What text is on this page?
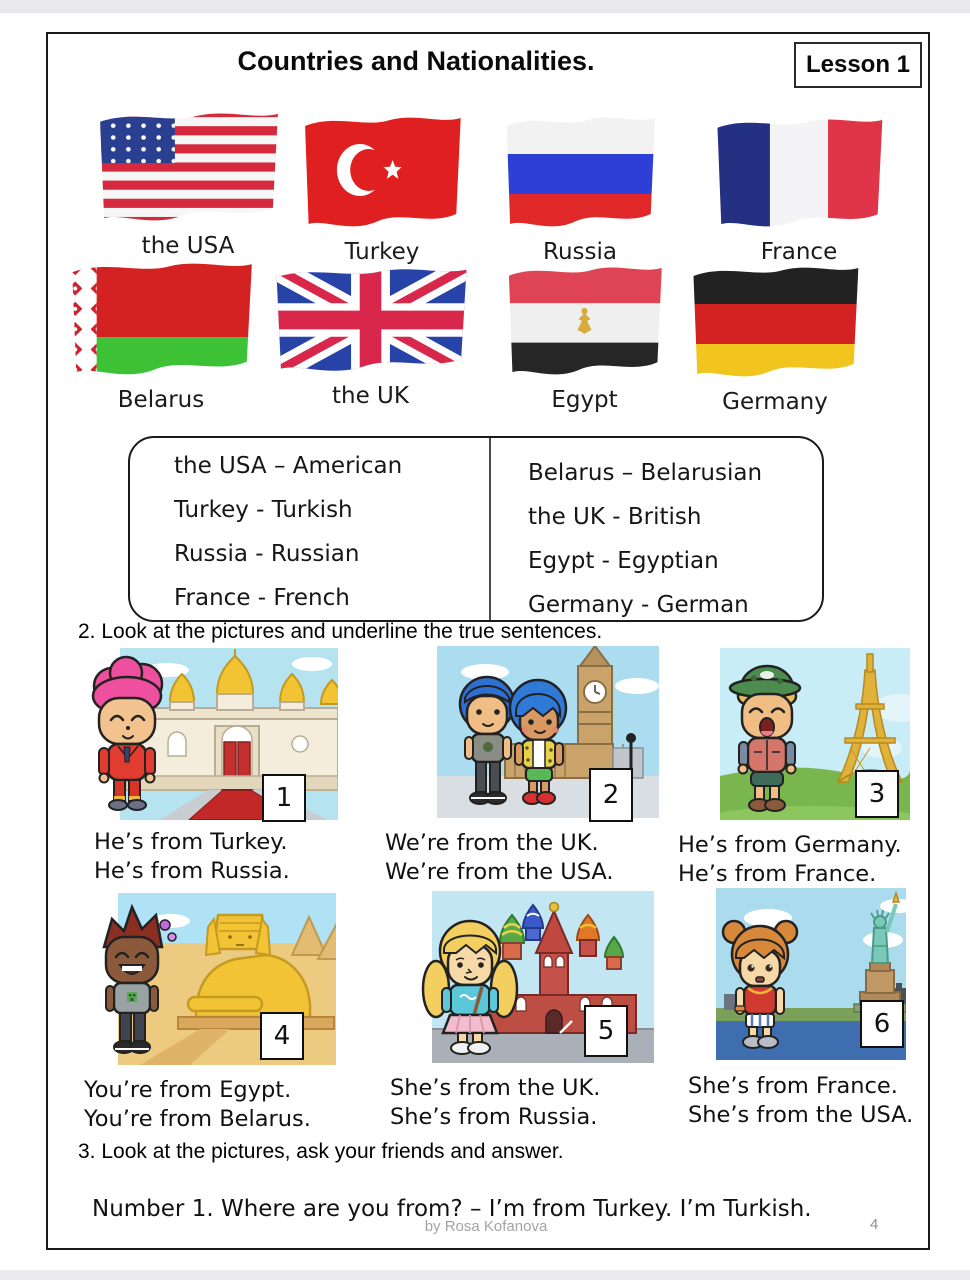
Countries and Nationalities.	Lesson 1
the USA	Turkey	Russia	France
Belarus	the UK	Egypt	Germany
the USA – American
Turkey - Turkish
Russia - Russian
France - French
Belarus – Belarusian
the UK - British
Egypt - Egyptian
Germany - German
2. Look at the pictures and underline the true sentences.
1
He’s from Turkey.
He’s from Russia.
2
We’re from the UK.
We’re from the USA.
3
He’s from Germany.
He’s from France.
4
You’re from Egypt.
You’re from Belarus.
5
She’s from the UK.
She’s from Russia.
6
She’s from France.
She’s from the USA.
3. Look at the pictures, ask your friends and answer.
Number 1. Where are you from? – I’m from Turkey. I’m Turkish.
by Rosa Kofanova	4
